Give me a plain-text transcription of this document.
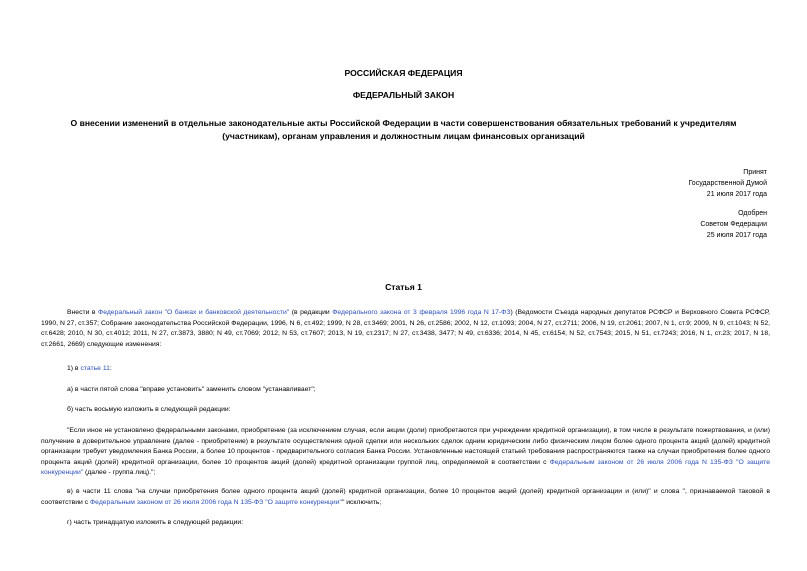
РОССИЙСКАЯ ФЕДЕРАЦИЯ
ФЕДЕРАЛЬНЫЙ ЗАКОН
О внесении изменений в отдельные законодательные акты Российской Федерации в части совершенствования обязательных требований к учредителям (участникам), органам управления и должностным лицам финансовых организаций
Принят
Государственной Думой
21 июля 2017 года
Одобрен
Советом Федерации
25 июля 2017 года
Статья 1
Внести в Федеральный закон "О банках и банковской деятельности" (в редакции Федерального закона от 3 февраля 1996 года N 17-ФЗ) (Ведомости Съезда народных депутатов РСФСР и Верховного Совета РСФСР, 1990, N 27, ст.357; Собрание законодательства Российской Федерации, 1996, N 6, ст.492; 1999, N 28, ст.3469; 2001, N 26, ст.2586; 2002, N 12, ст.1093; 2004, N 27, ст.2711; 2006, N 19, ст.2061; 2007, N 1, ст.9; 2009, N 9, ст.1043; N 52, ст.6428; 2010, N 30, ст.4012; 2011, N 27, ст.3873, 3880; N 49, ст.7069; 2012, N 53, ст.7607; 2013, N 19, ст.2317; N 27, ст.3438, 3477; N 49, ст.6336; 2014, N 45, ст.6154; N 52, ст.7543; 2015, N 51, ст.7243; 2016, N 1, ст.23; 2017, N 18, ст.2661, 2669) следующие изменения:
1) в статье 11:
а) в части пятой слова "вправе установить" заменить словом "устанавливает";
б) часть восьмую изложить в следующей редакции:
"Если иное не установлено федеральными законами, приобретение (за исключением случая, если акции (доли) приобретаются при учреждении кредитной организации), в том числе в результате пожертвования, и (или) получение в доверительное управление (далее - приобретение) в результате осуществления одной сделки или нескольких сделок одним юридическим либо физическим лицом более одного процента акций (долей) кредитной организации требует уведомления Банка России, а более 10 процентов - предварительного согласия Банка России. Установленные настоящей статьей требования распространяются также на случаи приобретения более одного процента акций (долей) кредитной организации, более 10 процентов акций (долей) кредитной организации группой лиц, определяемой в соответствии с Федеральным законом от 26 июля 2006 года N 135-ФЗ "О защите конкуренции" (далее - группа лиц).";
в) в части 11 слова "на случаи приобретения более одного процента акций (долей) кредитной организации, более 10 процентов акций (долей) кредитной организации и (или)" и слова ", признаваемой таковой в соответствии с Федеральным законом от 26 июля 2006 года N 135-ФЗ "О защите конкуренции"" исключить;
г) часть тринадцатую изложить в следующей редакции:
